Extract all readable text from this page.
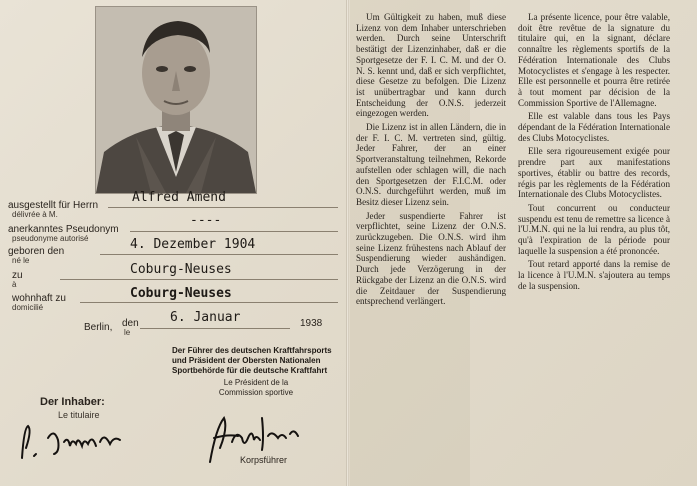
ausgestellt für Herrn
délivrée à M.
Alfred Amend
anerkanntes Pseudonym
pseudonyme autorisé
----
geboren den
né le
4. Dezember 1904
zu
à
Coburg-Neuses
wohnhaft zu
domicilié
Coburg-Neuses
Berlin, den
le
6. Januar	1938
Der Führer des deutschen Kraftfahrsports
und Präsident der Obersten Nationalen
Sportbehörde für die deutsche Kraftfahrt
Le Président de la
Commission sportive
Der Inhaber:
Le titulaire
Korpsführer

Um Gültigkeit zu haben, muß diese Lizenz von dem Inhaber unterschrieben werden. Durch seine Unterschrift bestätigt der Lizenzinhaber, daß er die Sportgesetze der F. I. C. M. und der O. N. S. kennt und, daß er sich verpflichtet, diese Gesetze zu befolgen. Die Lizenz ist unübertragbar und kann durch Entscheidung der O.N.S. jederzeit eingezogen werden.

Die Lizenz ist in allen Ländern, die in der F. I. C. M. vertreten sind, gültig. Jeder Fahrer, der an einer Sportveranstaltung teilnehmen, Rekorde aufstellen oder schlagen will, die nach den Sportgesetzen der F.I.C.M. oder O.N.S. durchgeführt werden, muß im Besitz dieser Lizenz sein.

Jeder suspendierte Fahrer ist verpflichtet, seine Lizenz der O.N.S. zurückzugeben. Die O.N.S. wird ihm seine Lizenz frühestens nach Ablauf der Suspendierung wieder aushändigen. Durch jede Verzögerung in der Rückgabe der Lizenz an die O.N.S. wird die Zeitdauer der Suspendierung entsprechend verlängert.

La présente licence, pour être valable, doit être revêtue de la signature du titulaire qui, en la signant, déclare connaître les règlements sportifs de la Fédération Internationale des Clubs Motocyclistes et s'engage à les respecter. Elle est personnelle et pourra être retirée à tout moment par décision de la Commission Sportive de l'Allemagne.

Elle est valable dans tous les Pays dépendant de la Fédération Internationale des Clubs Motocyclistes.

Elle sera rigoureusement exigée pour prendre part aux manifestations sportives, établir ou battre des records, régis par les règlements de la Fédération Internationale des Clubs Motocyclistes.

Tout concurrent ou conducteur suspendu est tenu de remettre sa licence à l'U.M.N. qui ne la lui rendra, au plus tôt, qu'à l'expiration de la période pour laquelle la suspension a été prononcée.

Tout retard apporté dans la remise de la licence à l'U.M.N. s'ajoutera au temps de la suspension.
